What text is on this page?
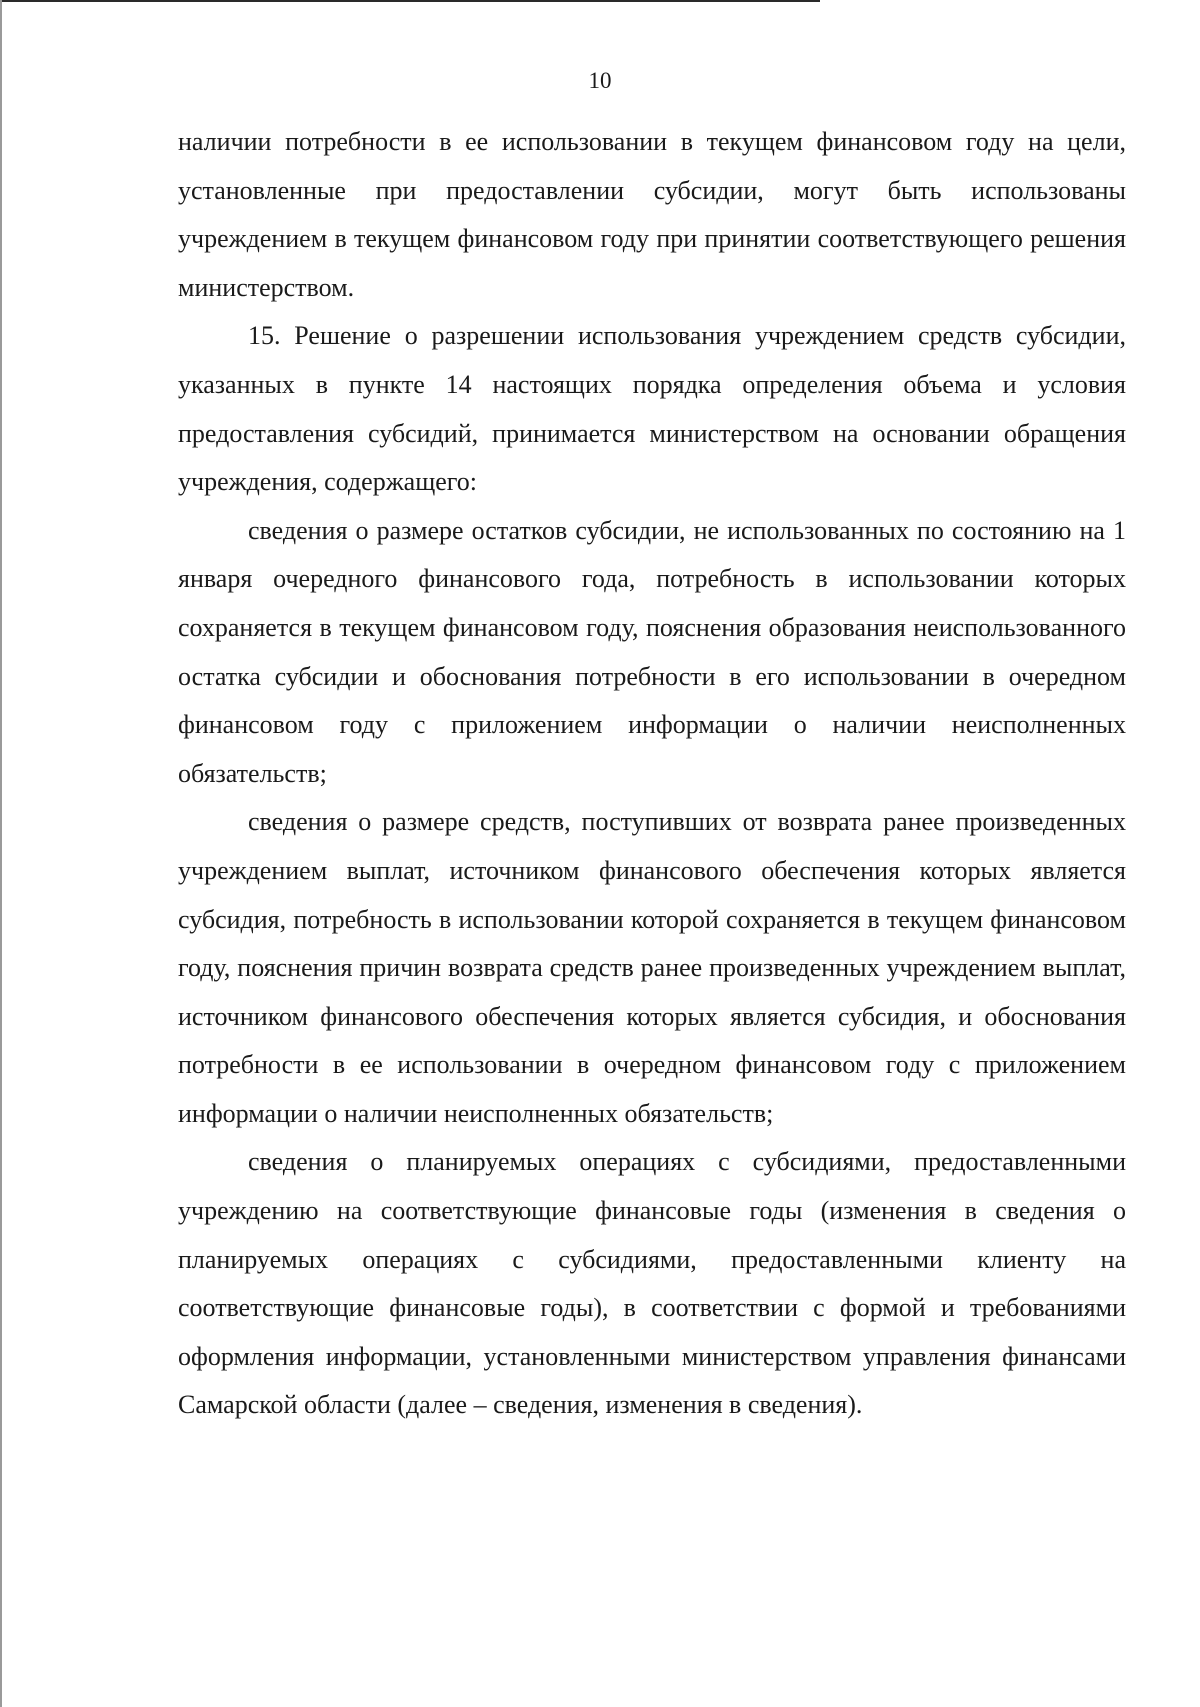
10

наличии потребности в ее использовании в текущем финансовом году на цели, установленные при предоставлении субсидии, могут быть использованы учреждением в текущем финансовом году при принятии соответствующего решения министерством.

15. Решение о разрешении использования учреждением средств субсидии, указанных в пункте 14 настоящих порядка определения объема и условия предоставления субсидий, принимается министерством на основании обращения учреждения, содержащего:

сведения о размере остатков субсидии, не использованных по состоянию на 1 января очередного финансового года, потребность в использовании которых сохраняется в текущем финансовом году, пояснения образования неиспользованного остатка субсидии и обоснования потребности в его использовании в очередном финансовом году с приложением информации о наличии неисполненных обязательств;

сведения о размере средств, поступивших от возврата ранее произведенных учреждением выплат, источником финансового обеспечения которых является субсидия, потребность в использовании которой сохраняется в текущем финансовом году, пояснения причин возврата средств ранее произведенных учреждением выплат, источником финансового обеспечения которых является субсидия, и обоснования потребности в ее использовании в очередном финансовом году с приложением информации о наличии неисполненных обязательств;

сведения о планируемых операциях с субсидиями, предоставленными учреждению на соответствующие финансовые годы (изменения в сведения о планируемых операциях с субсидиями, предоставленными клиенту на соответствующие финансовые годы), в соответствии с формой и требованиями оформления информации, установленными министерством управления финансами Самарской области (далее – сведения, изменения в сведения).
